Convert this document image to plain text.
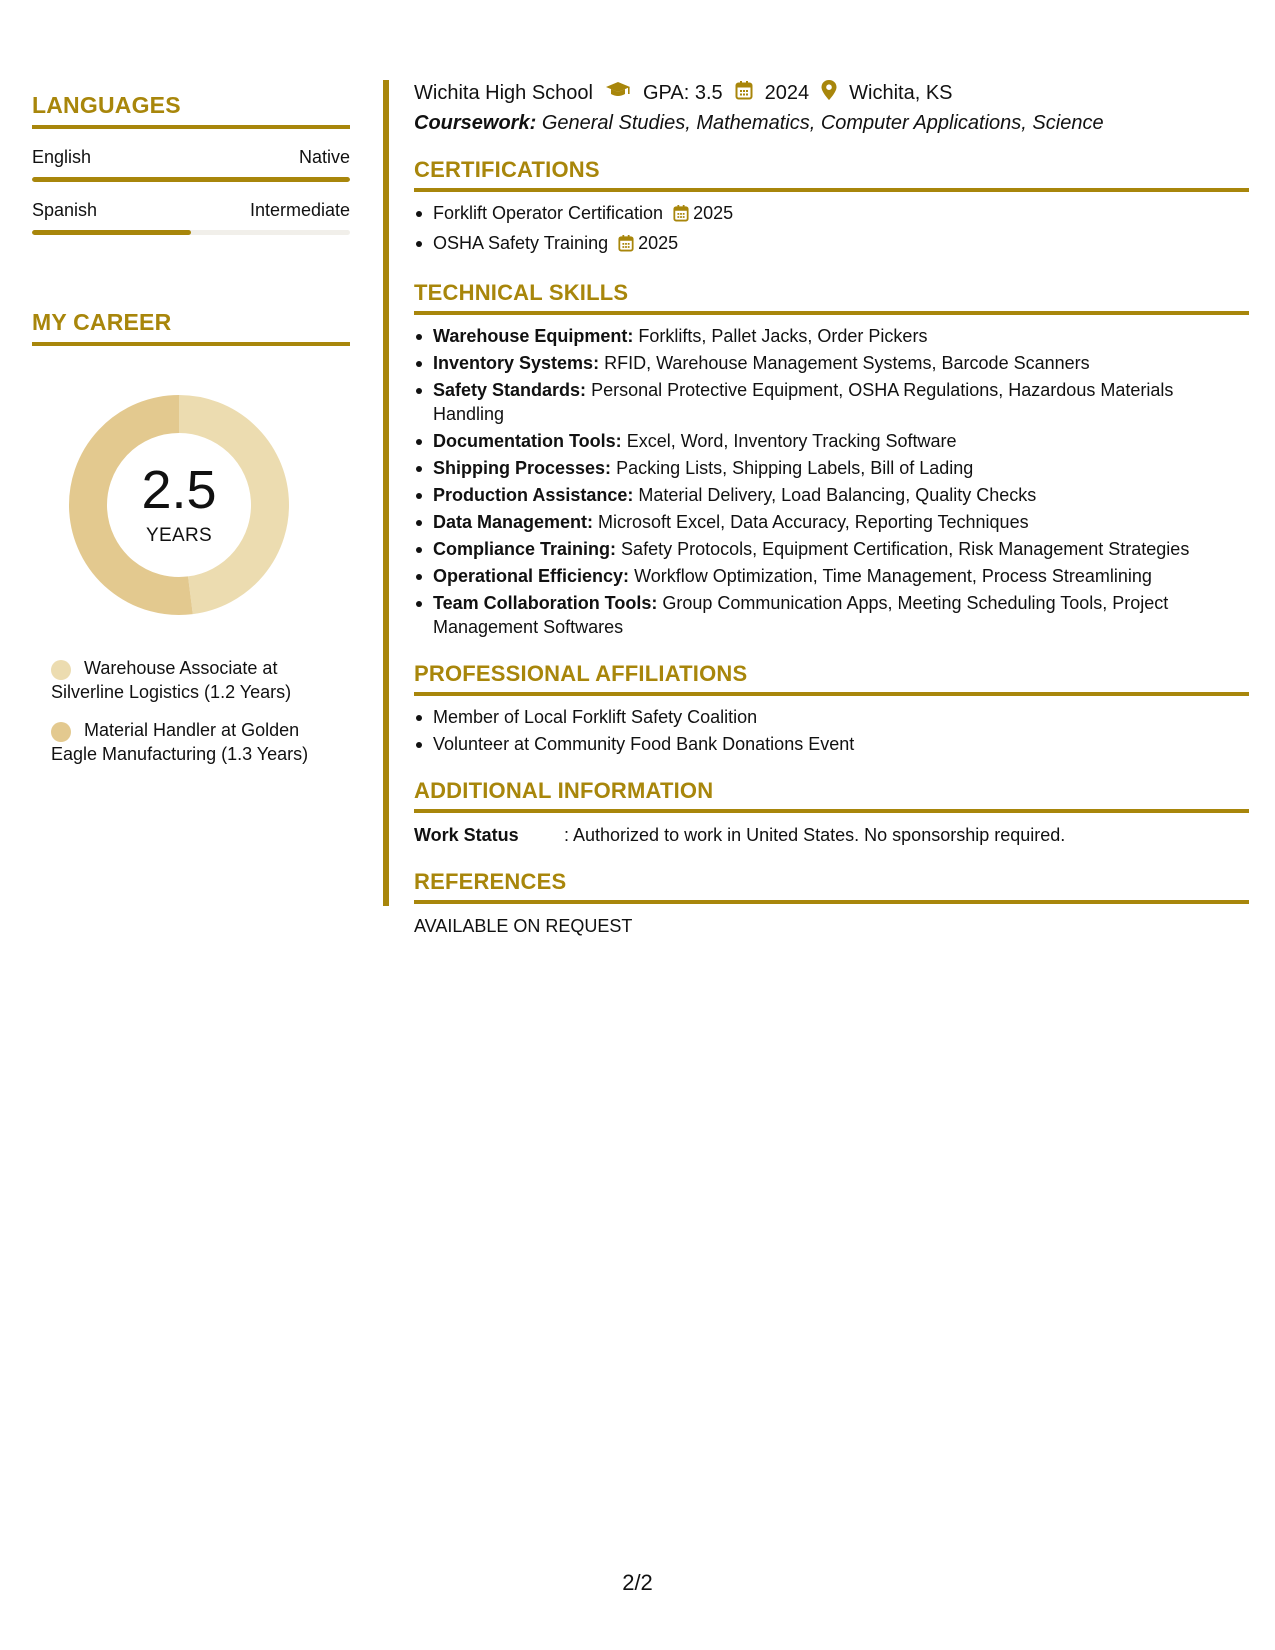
LANGUAGES
English	Native
Spanish	Intermediate
MY CAREER
2.5
YEARS
Warehouse Associate at Silverline Logistics (1.2 Years)
Material Handler at Golden Eagle Manufacturing (1.3 Years)
Wichita High School	GPA: 3.5 2024 Wichita, KS
Coursework: General Studies, Mathematics, Computer Applications, Science
CERTIFICATIONS
Forklift Operator Certification 2025
OSHA Safety Training 2025
TECHNICAL SKILLS
Warehouse Equipment: Forklifts, Pallet Jacks, Order Pickers
Inventory Systems: RFID, Warehouse Management Systems, Barcode Scanners
Safety Standards: Personal Protective Equipment, OSHA Regulations, Hazardous Materials Handling
Documentation Tools: Excel, Word, Inventory Tracking Software
Shipping Processes: Packing Lists, Shipping Labels, Bill of Lading
Production Assistance: Material Delivery, Load Balancing, Quality Checks
Data Management: Microsoft Excel, Data Accuracy, Reporting Techniques
Compliance Training: Safety Protocols, Equipment Certification, Risk Management Strategies
Operational Efficiency: Workflow Optimization, Time Management, Process Streamlining
Team Collaboration Tools: Group Communication Apps, Meeting Scheduling Tools, Project Management Softwares
PROFESSIONAL AFFILIATIONS
Member of Local Forklift Safety Coalition
Volunteer at Community Food Bank Donations Event
ADDITIONAL INFORMATION
Work Status	: Authorized to work in United States. No sponsorship required.
REFERENCES
AVAILABLE ON REQUEST
2/2
